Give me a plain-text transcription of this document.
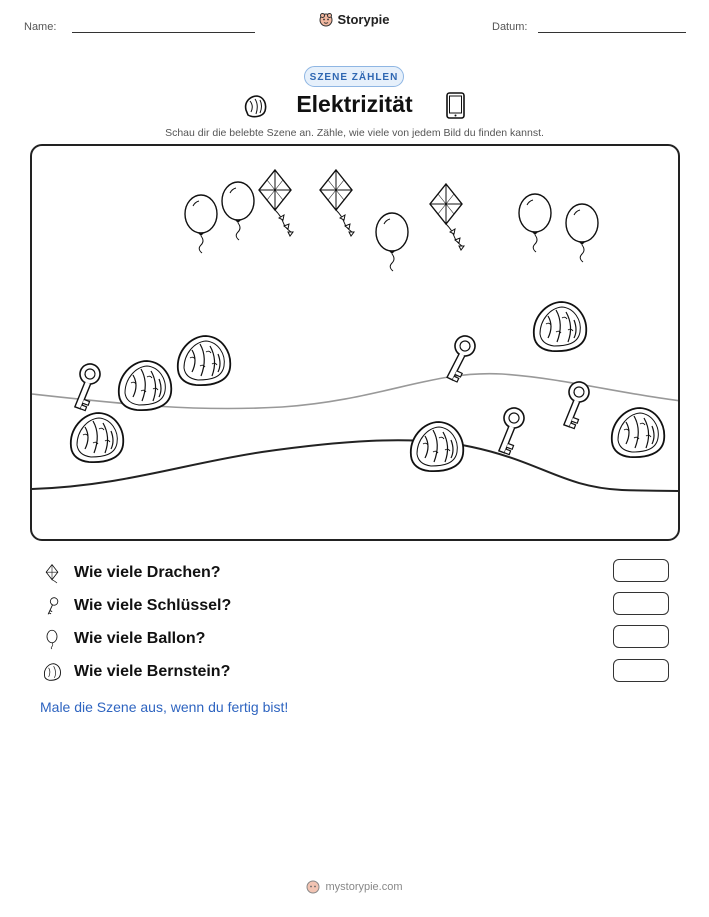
Name:	Storypie	Datum:
SZENE ZÄHLEN
Elektrizität
Schau dir die belebte Szene an. Zähle, wie viele von jedem Bild du finden kannst.
Wie viele Drachen?
Wie viele Schlüssel?
Wie viele Ballon?
Wie viele Bernstein?
Male die Szene aus, wenn du fertig bist!
mystorypie.com
